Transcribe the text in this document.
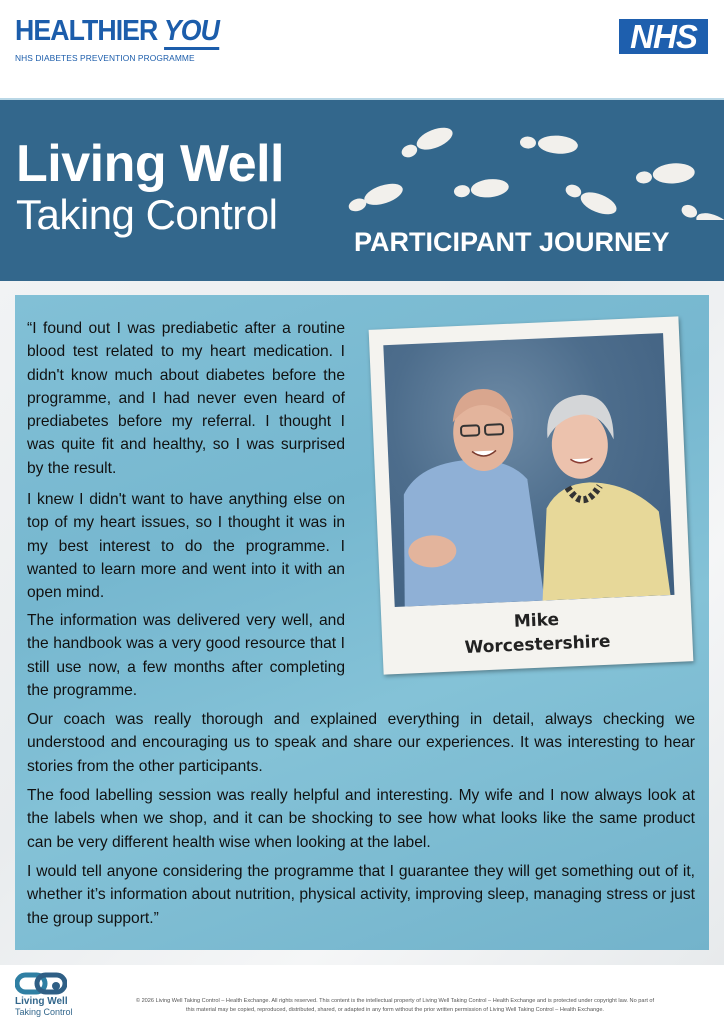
HEALTHIER YOU
NHS DIABETES PREVENTION PROGRAMME
NHS
Living Well
Taking Control
PARTICIPANT JOURNEY

“I found out I was prediabetic after a routine blood test related to my heart medication. I didn't know much about diabetes before the programme, and I had never even heard of prediabetes before my referral. I thought I was quite fit and healthy, so I was surprised by the result.

I knew I didn't want to have anything else on top of my heart issues, so I thought it was in my best interest to do the programme. I wanted to learn more and went into it with an open mind.

The information was delivered very well, and the handbook was a very good resource that I still use now, a few months after completing the programme.

Our coach was really thorough and explained everything in detail, always checking we understood and encouraging us to speak and share our experiences. It was interesting to hear stories from the other participants.

The food labelling session was really helpful and interesting. My wife and I now always look at the labels when we shop, and it can be shocking to see how what looks like the same product can be very different health wise when looking at the label.

I would tell anyone considering the programme that I guarantee they will get something out of it, whether it’s information about nutrition, physical activity, improving sleep, managing stress or just the group support.”

Mike
Worcestershire
Living Well
Taking Control
© 2026 Living Well Taking Control – Health Exchange. All rights reserved. This content is the intellectual property of Living Well Taking Control – Health Exchange and is protected under copyright law. No part of
this material may be copied, reproduced, distributed, shared, or adapted in any form without the prior written permission of Living Well Taking Control – Health Exchange.
